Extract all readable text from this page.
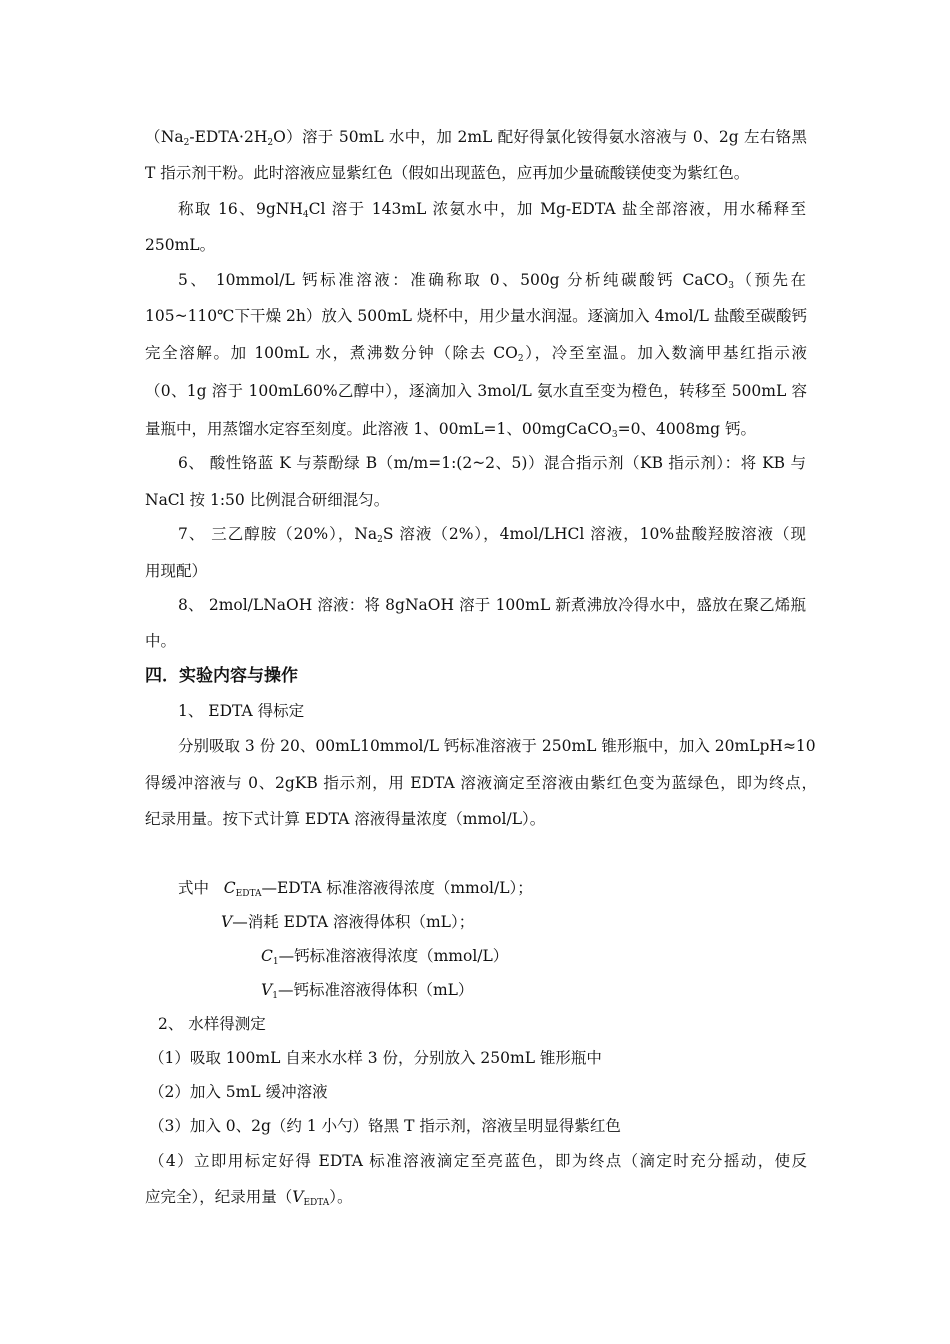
$(Na_2-EDTA\cdot 2H_2O)$溶于 50mL 水中，加 2mL 配好得氯化铵得氨水溶液与 0、2g 左右铬黑
T 指示剂干粉。此时溶液应显紫红色（假如出现蓝色，应再加少量硫酸镁使变为紫红色。
称取 16、9gNH$_4$Cl 溶于 143mL 浓氨水中，加 Mg-EDTA 盐全部溶液，用水稀释至
250mL。
5、 10mmol/L 钙标准溶液：准确称取 0、500g 分析纯碳酸钙 CaCO$_3$（预先在
105~110℃下干燥 2h）放入 500mL 烧杯中，用少量水润湿。逐滴加入 4mol/L 盐酸至碳酸钙
完全溶解。加 100mL 水，煮沸数分钟（除去 $CO_2$），冷至室温。加入数滴甲基红指示液
（0、1g 溶于 100mL60%乙醇中），逐滴加入 3mol/L 氨水直至变为橙色，转移至 500mL 容
量瓶中，用蒸馏水定容至刻度。此溶液 1、00mL=1、00mgCaCO$_3$=0、4008mg 钙。
6、 酸性铬蓝 K 与萘酚绿 B（m/m=1:(2~2、5)）混合指示剂（KB 指示剂）：将 KB 与
NaCl 按 1:50 比例混合研细混匀。
7、 三乙醇胺（20%），$Na_2S$ 溶液（2%），4mol/LHCl 溶液，10%盐酸羟胺溶液（现
用现配）
8、 2mol/LNaOH 溶液：将 8gNaOH 溶于 100mL 新煮沸放冷得水中，盛放在聚乙烯瓶
中。
四．实验内容与操作
1、 EDTA 得标定
分别吸取 3 份 20、00mL10mmol/L 钙标准溶液于 250mL 锥形瓶中，加入 20mLpH≈10
得缓冲溶液与 0、2gKB 指示剂，用 EDTA 溶液滴定至溶液由紫红色变为蓝绿色，即为终点，
纪录用量。按下式计算 EDTA 溶液得量浓度（mmol/L）。
式中 $C_{EDTA}—EDTA$ 标准溶液得浓度（mmol/L）；
V—消耗 EDTA 溶液得体积（mL）；
$C_1—$钙标准溶液得浓度（mmol/L）
$V_1—$钙标准溶液得体积（mL）
2、 水样得测定
（1）吸取 100mL 自来水水样 3 份，分别放入 250mL 锥形瓶中
（2）加入 5mL 缓冲溶液
（3）加入 0、2g（约 1 小勺）铬黑 T 指示剂，溶液呈明显得紫红色
（4）立即用标定好得 EDTA 标准溶液滴定至亮蓝色，即为终点（滴定时充分摇动，使反
应完全），纪录用量$(V_{EDTA})$。
